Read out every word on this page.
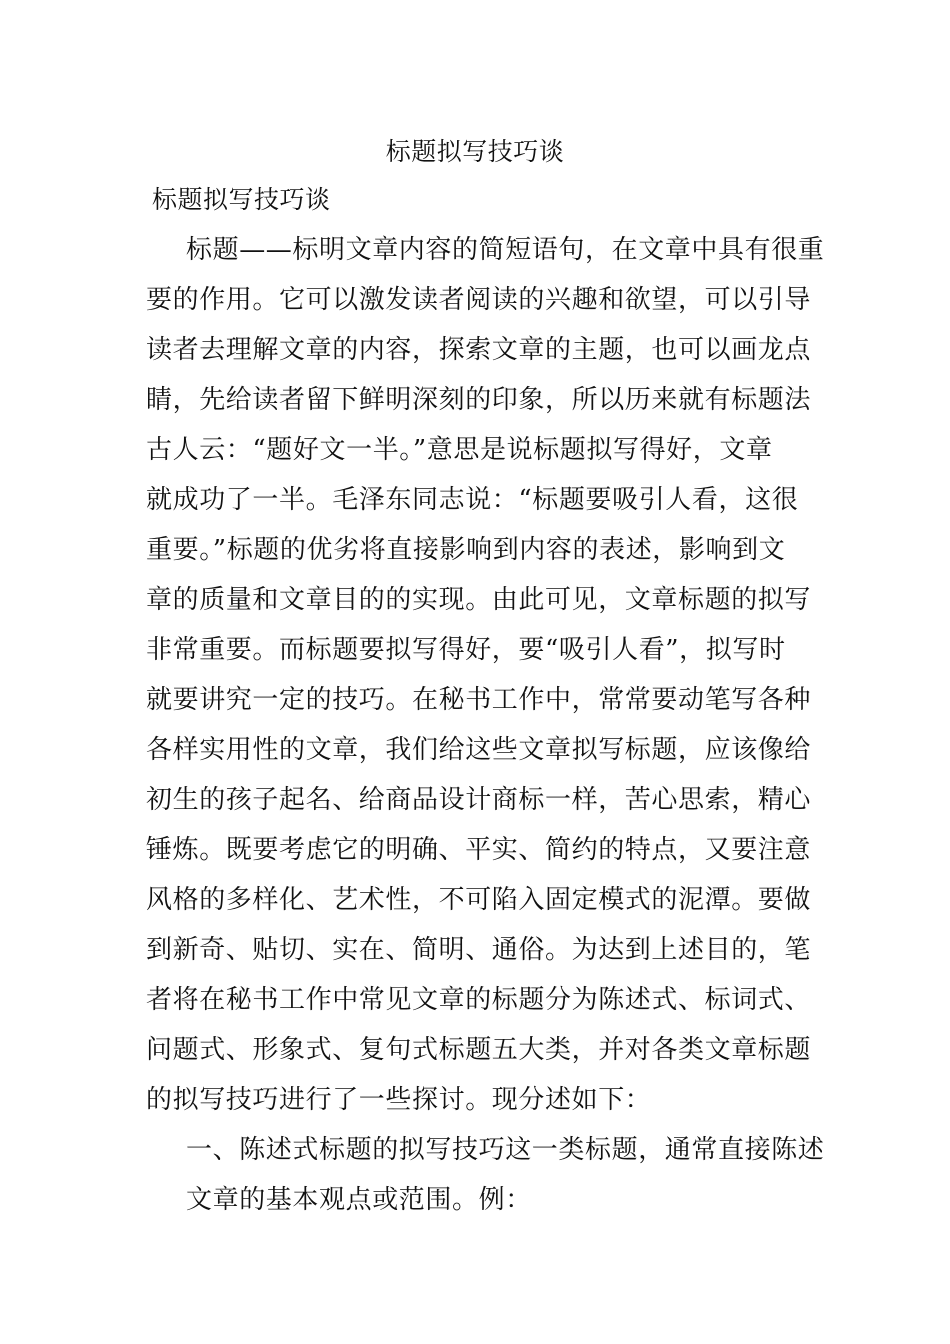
标题拟写技巧谈
标题拟写技巧谈
标题——标明文章内容的简短语句，在文章中具有很重
要的作用。它可以激发读者阅读的兴趣和欲望，可以引导
读者去理解文章的内容，探索文章的主题，也可以画龙点
睛，先给读者留下鲜明深刻的印象，所以历来就有标题法
古人云：“题好文一半。”意思是说标题拟写得好，文章
就成功了一半。毛泽东同志说：“标题要吸引人看，这很
重要。”标题的优劣将直接影响到内容的表述，影响到文
章的质量和文章目的的实现。由此可见，文章标题的拟写
非常重要。而标题要拟写得好，要“吸引人看”，拟写时
就要讲究一定的技巧。在秘书工作中，常常要动笔写各种
各样实用性的文章，我们给这些文章拟写标题，应该像给
初生的孩子起名、给商品设计商标一样，苦心思索，精心
锤炼。既要考虑它的明确、平实、简约的特点，又要注意
风格的多样化、艺术性，不可陷入固定模式的泥潭。要做
到新奇、贴切、实在、简明、通俗。为达到上述目的，笔
者将在秘书工作中常见文章的标题分为陈述式、标词式、
问题式、形象式、复句式标题五大类，并对各类文章标题
的拟写技巧进行了一些探讨。现分述如下：
一、陈述式标题的拟写技巧这一类标题，通常直接陈述
文章的基本观点或范围。例：
